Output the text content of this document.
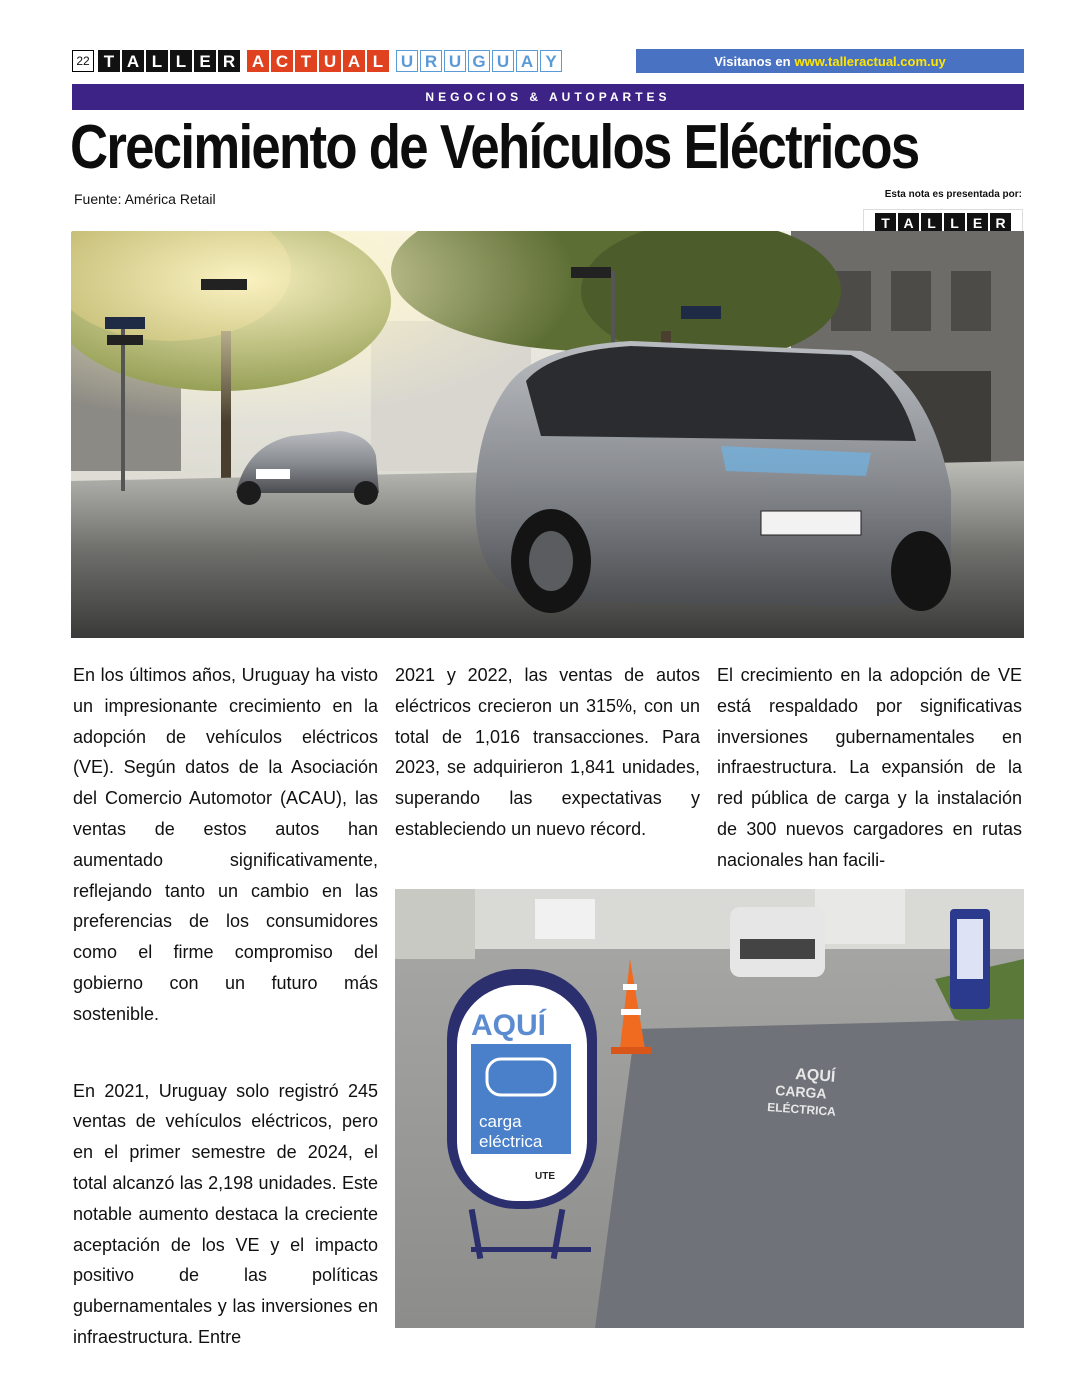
22 T A L L E R A C T U A L	U R U G U A Y	Visitanos en www.talleractual.com.uy
NEGOCIOS & AUTOPARTES
Crecimiento de Vehículos Eléctricos
Fuente: América Retail	Esta nota es presentada por:
T A L	L	E R

En los últimos años, Uruguay ha visto un impresionante crecimiento en la adopción de vehículos eléctricos (VE). Según datos de la Asociación del Comercio Automotor (ACAU), las ventas de estos autos han aumentado significativamente, reflejando tanto un cambio en las preferencias de los consumidores como el firme compromiso del gobierno con un futuro más sostenible.

En 2021, Uruguay solo registró 245 ventas de vehículos eléctricos, pero en el primer semestre de 2024, el total alcanzó las 2,198 unidades. Este notable aumento destaca la creciente aceptación de los VE y el impacto positivo de las políticas gubernamentales y las inversiones en infraestructura. Entre

2021 y 2022, las ventas de autos eléctricos crecieron un 315%, con un total de 1,016 transacciones. Para 2023, se adquirieron 1,841 unidades, superando las expectativas y estableciendo un nuevo récord.

El crecimiento en la adopción de VE está respaldado por significativas inversiones gubernamentales en infraestructura. La expansión de la red pública de carga y la instalación de 300 nuevos cargadores en rutas nacionales han facili-

AQUÍ
CARGA
ELÉCTRICA
AQUÍ
carga
eléctrica
UTE
